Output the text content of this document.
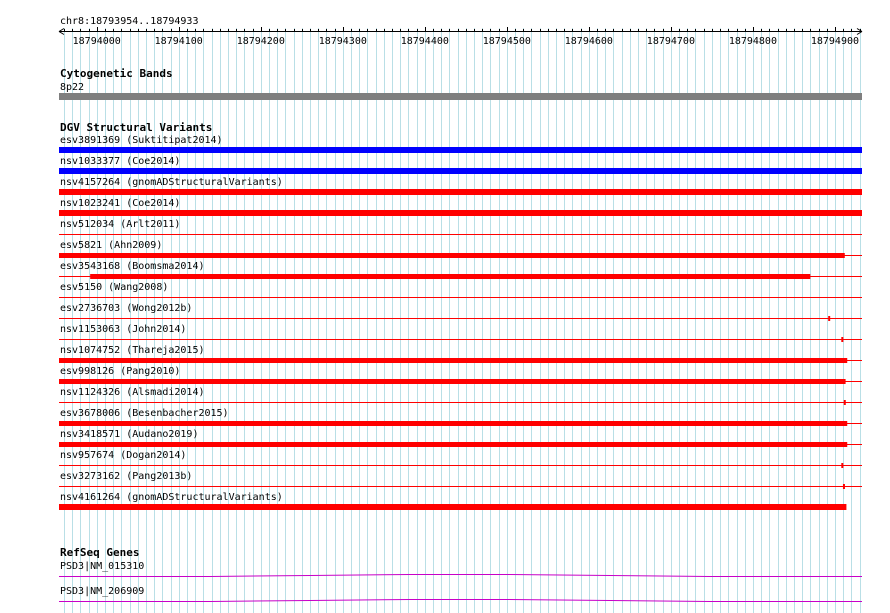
chr8:18793954..18794933
18794000	18794100	18794200	18794300	18794400	18794500	18794600	18794700	18794800	18794900
Cytogenetic Bands
8p22
DGV Structural Variants
esv3891369 (Suktitipat2014)
nsv1033377 (Coe2014)
nsv4157264 (gnomADStructuralVariants)
nsv1023241 (Coe2014)
nsv512034 (Arlt2011)
esv5821 (Ahn2009)
esv3543168 (Boomsma2014)
esv5150 (Wang2008)
esv2736703 (Wong2012b)
nsv1153063 (John2014)
nsv1074752 (Thareja2015)
esv998126 (Pang2010)
nsv1124326 (Alsmadi2014)
esv3678006 (Besenbacher2015)
nsv3418571 (Audano2019)
nsv957674 (Dogan2014)
esv3273162 (Pang2013b)
nsv4161264 (gnomADStructuralVariants)
RefSeq Genes
PSD3|NM_015310
PSD3|NM_206909
